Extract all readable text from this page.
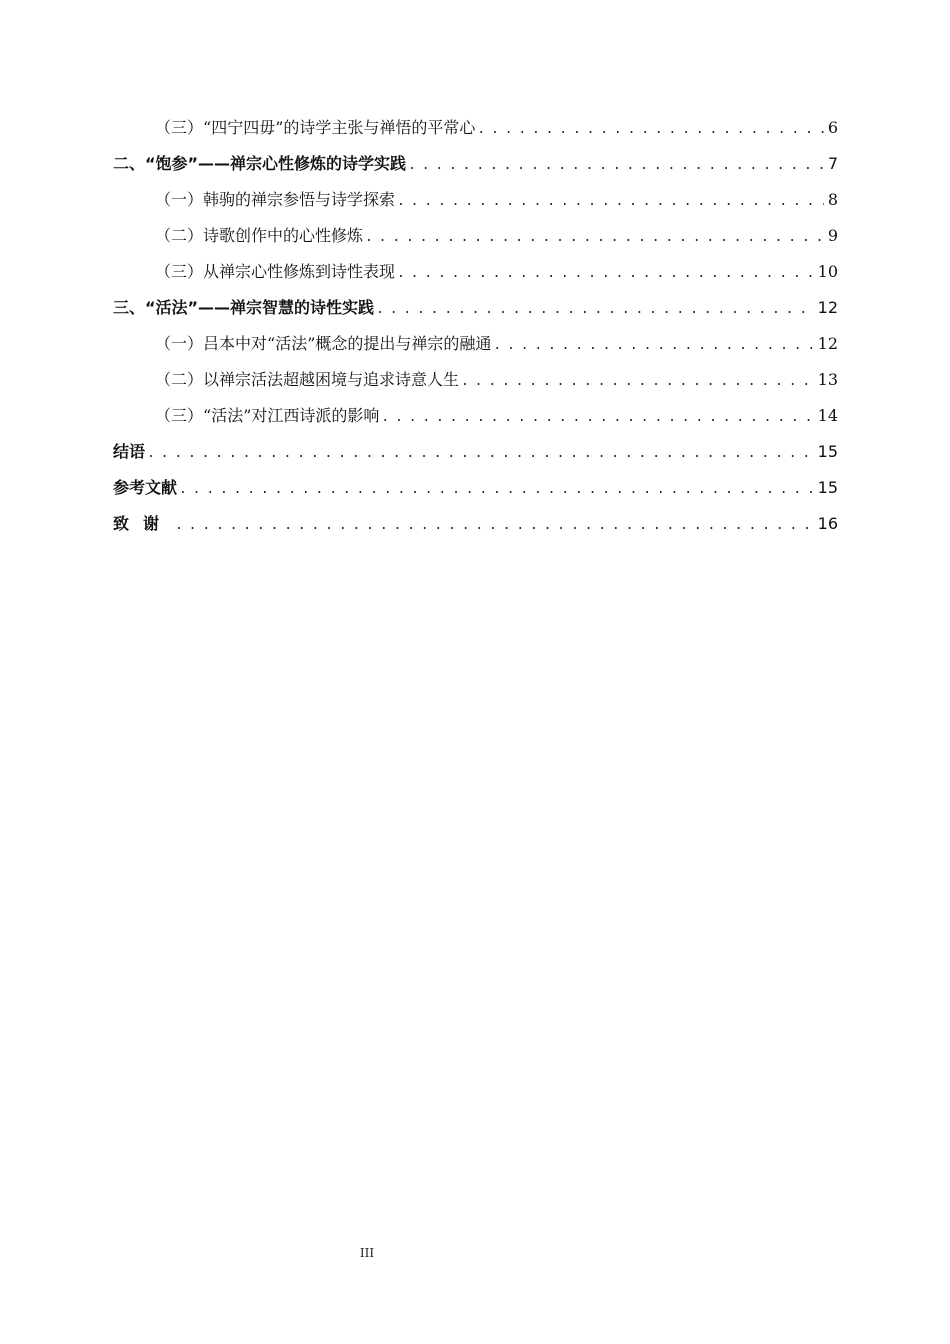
（三） “四宁四毋”的诗学主张与禅悟的平常心 . . .	6
二、 “饱参”——禅宗心性修炼的诗学实践 . . .	7
（一） 韩驹的禅宗参悟与诗学探索 . . .	8
（二） 诗歌创作中的心性修炼 . . .	9
（三） 从禅宗心性修炼到诗性表现 . . .	10
三、 “活法”——禅宗智慧的诗性实践 . . .	12
（一） 吕本中对“活法”概念的提出与禅宗的融通 . . .	12
（二） 以禅宗活法超越困境与追求诗意人生 . . .	13
（三） “活法”对江西诗派的影响 . . .	14
结语 . . .	15
参考文献 . . .	15
致谢 . . .	16
III
